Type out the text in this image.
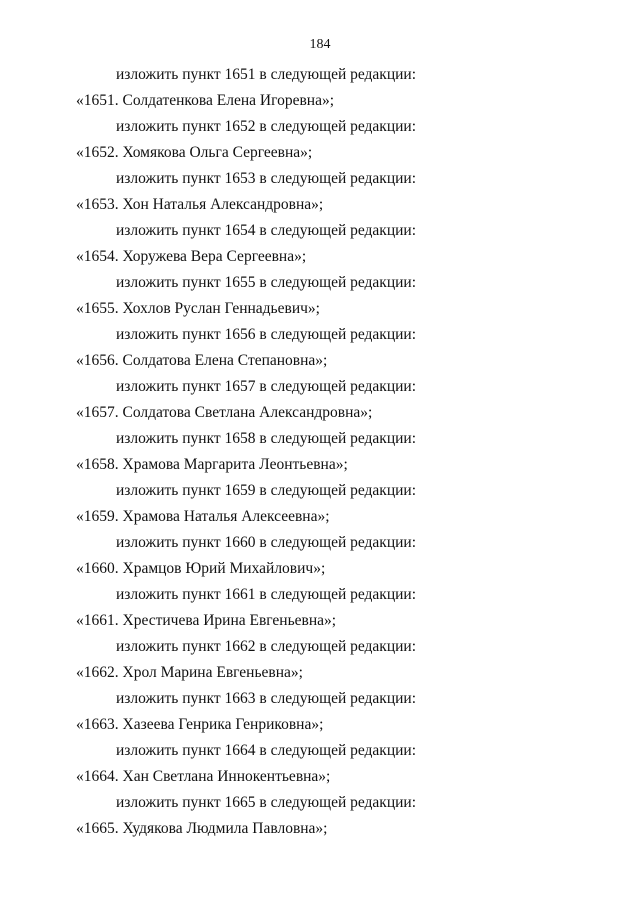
184
изложить пункт 1651 в следующей редакции:
«1651. Солдатенкова Елена Игоревна»;
изложить пункт 1652 в следующей редакции:
«1652. Хомякова Ольга Сергеевна»;
изложить пункт 1653 в следующей редакции:
«1653. Хон Наталья Александровна»;
изложить пункт 1654 в следующей редакции:
«1654. Хоружева Вера Сергеевна»;
изложить пункт 1655 в следующей редакции:
«1655. Хохлов Руслан Геннадьевич»;
изложить пункт 1656 в следующей редакции:
«1656. Солдатова Елена Степановна»;
изложить пункт 1657 в следующей редакции:
«1657. Солдатова Светлана Александровна»;
изложить пункт 1658 в следующей редакции:
«1658. Храмова Маргарита Леонтьевна»;
изложить пункт 1659 в следующей редакции:
«1659. Храмова Наталья Алексеевна»;
изложить пункт 1660 в следующей редакции:
«1660. Храмцов Юрий Михайлович»;
изложить пункт 1661 в следующей редакции:
«1661. Хрестичева Ирина Евгеньевна»;
изложить пункт 1662 в следующей редакции:
«1662. Хрол Марина Евгеньевна»;
изложить пункт 1663 в следующей редакции:
«1663. Хазеева Генрика Генриковна»;
изложить пункт 1664 в следующей редакции:
«1664. Хан Светлана Иннокентьевна»;
изложить пункт 1665 в следующей редакции:
«1665. Худякова Людмила Павловна»;
